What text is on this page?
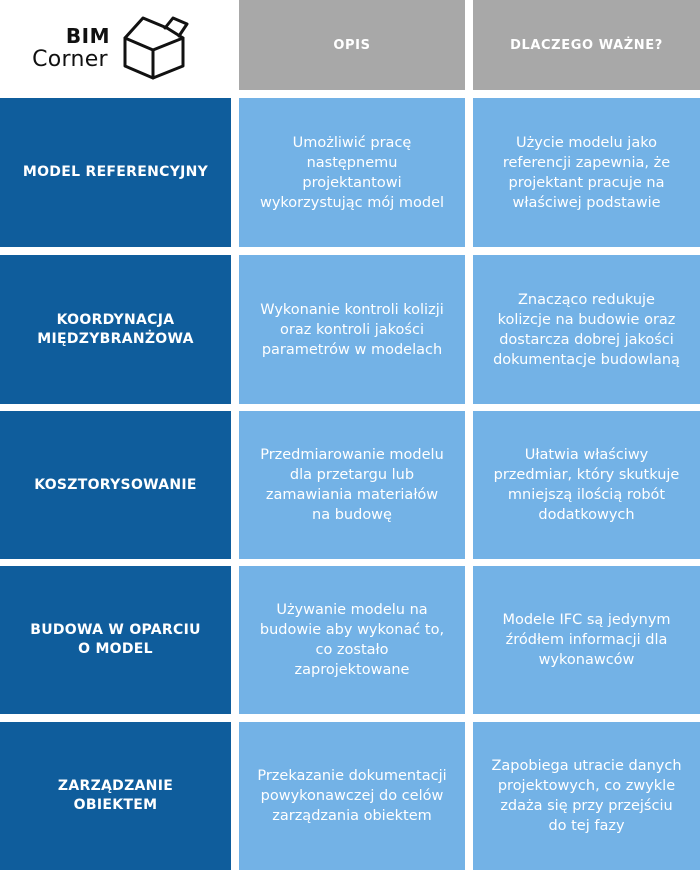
BIM
Corner
OPIS	DLACZEGO WAŻNE?
MODEL REFERENCYJNY
Umożliwić pracę następnemu projektantowi wykorzystując mój model
Użycie modelu jako referencji zapewnia, że projektant pracuje na właściwej podstawie
KOORDYNACJA MIĘDZYBRANŻOWA
Wykonanie kontroli kolizji oraz kontroli jakości parametrów w modelach
Znacząco redukuje kolizcje na budowie oraz dostarcza dobrej jakości dokumentacje budowlaną
KOSZTORYSOWANIE
Przedmiarowanie modelu dla przetargu lub zamawiania materiałów na budowę
Ułatwia właściwy przedmiar, który skutkuje mniejszą ilością robót dodatkowych
BUDOWA W OPARCIU O MODEL
Używanie modelu na budowie aby wykonać to, co zostało zaprojektowane
Modele IFC są jedynym źródłem informacji dla wykonawców
ZARZĄDZANIE OBIEKTEM
Przekazanie dokumentacji powykonawczej do celów zarządzania obiektem
Zapobiega utracie danych projektowych, co zwykle zdaża się przy przejściu do tej fazy
